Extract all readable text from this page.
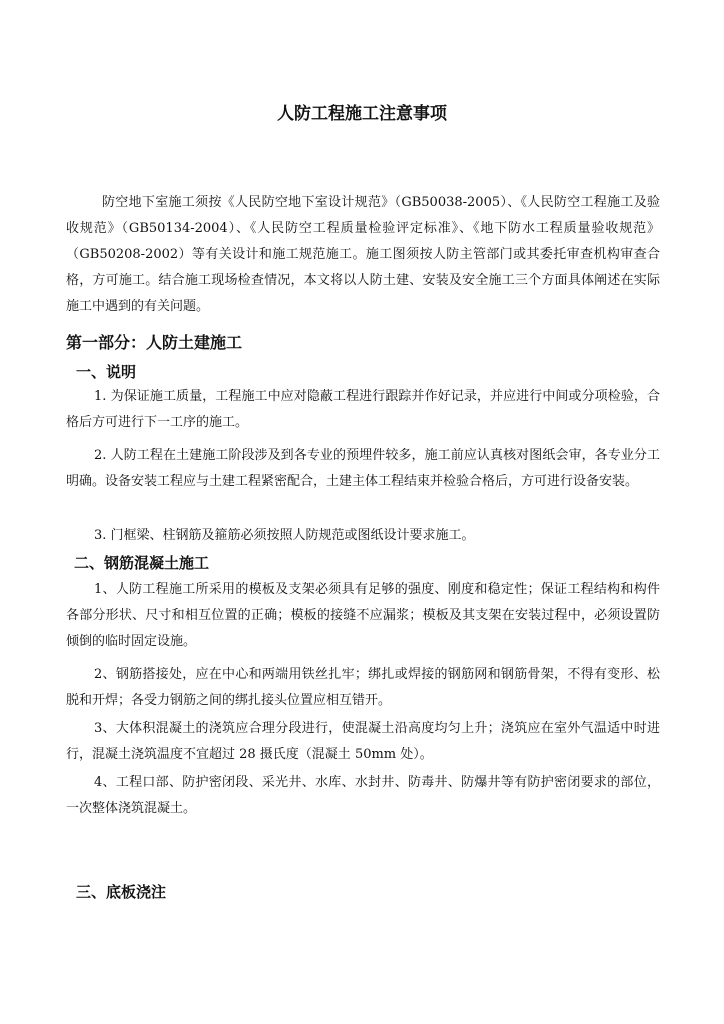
人防工程施工注意事项

防空地下室施工须按《人民防空地下室设计规范》（GB50038-2005）、《人民防空工程施工及验收规范》（GB50134-2004）、《人民防空工程质量检验评定标准》、《地下防水工程质量验收规范》（GB50208-2002）等有关设计和施工规范施工。施工图须按人防主管部门或其委托审查机构审查合格，方可施工。结合施工现场检查情况，本文将以人防土建、安装及安全施工三个方面具体阐述在实际施工中遇到的有关问题。

第一部分：人防土建施工
一、说明

1. 为保证施工质量，工程施工中应对隐蔽工程进行跟踪并作好记录，并应进行中间或分项检验，合格后方可进行下一工序的施工。

2. 人防工程在土建施工阶段涉及到各专业的预埋件较多，施工前应认真核对图纸会审，各专业分工明确。设备安装工程应与土建工程紧密配合，土建主体工程结束并检验合格后，方可进行设备安装。

3. 门框梁、柱钢筋及箍筋必须按照人防规范或图纸设计要求施工。

二、钢筋混凝土施工

1、人防工程施工所采用的模板及支架必须具有足够的强度、刚度和稳定性；保证工程结构和构件各部分形状、尺寸和相互位置的正确；模板的接缝不应漏浆；模板及其支架在安装过程中，必须设置防倾倒的临时固定设施。

2、钢筋搭接处，应在中心和两端用铁丝扎牢；绑扎或焊接的钢筋网和钢筋骨架，不得有变形、松脱和开焊；各受力钢筋之间的绑扎接头位置应相互错开。

3、大体积混凝土的浇筑应合理分段进行，使混凝土沿高度均匀上升；浇筑应在室外气温适中时进行，混凝土浇筑温度不宜超过 28 摄氏度（混凝土 50mm 处）。

4、工程口部、防护密闭段、采光井、水库、水封井、防毒井、防爆井等有防护密闭要求的部位，一次整体浇筑混凝土。

三、底板浇注
